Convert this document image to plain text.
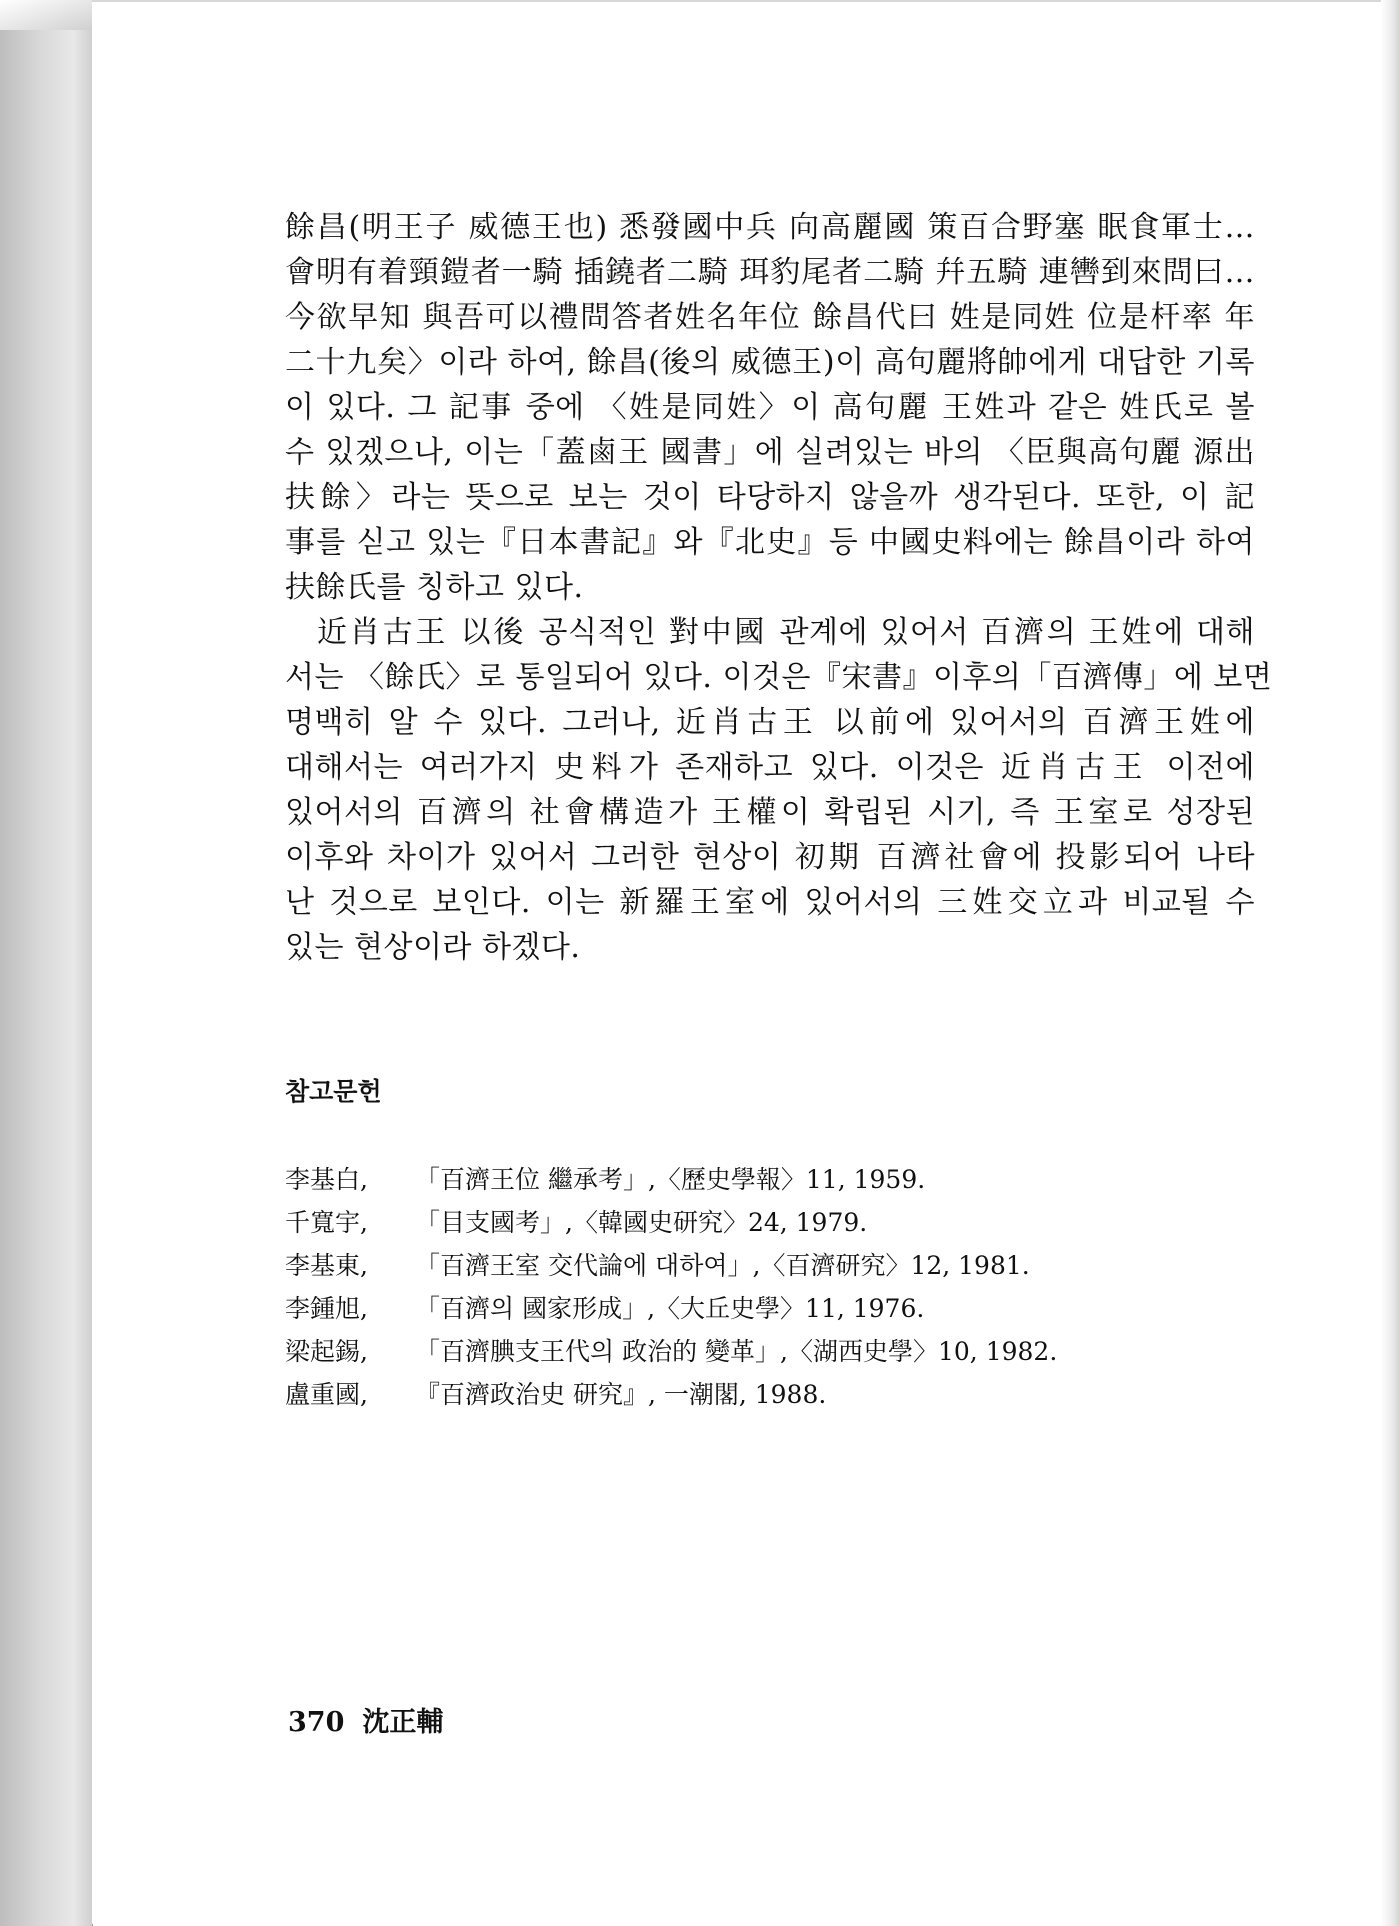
餘昌(明王子 威德王也) 悉發國中兵 向高麗國 策百合野塞 眠食軍士…
會明有着頸鎧者一騎 插鐃者二騎 珥豹尾者二騎 幷五騎 連轡到來問曰…
今欲早知 與吾可以禮問答者姓名年位 餘昌代曰 姓是同姓 位是杆率 年
二十九矣〉이라 하여, 餘昌(後의 威德王)이 高句麗將帥에게 대답한 기록
이 있다. 그 記事 중에 〈姓是同姓〉이 高句麗 王姓과 같은 姓氏로 볼
수 있겠으나, 이는「蓋鹵王 國書」에 실려있는 바의 〈臣與高句麗 源出
扶餘〉라는 뜻으로 보는 것이 타당하지 않을까 생각된다. 또한, 이 記
事를 싣고 있는『日本書記』와『北史』등 中國史料에는 餘昌이라 하여
扶餘氏를 칭하고 있다.
近肖古王 以後 공식적인 對中國 관계에 있어서 百濟의 王姓에 대해
서는 〈餘氏〉로 통일되어 있다. 이것은『宋書』이후의「百濟傳」에 보면
명백히 알 수 있다. 그러나, 近肖古王 以前에 있어서의 百濟王姓에
대해서는 여러가지 史料가 존재하고 있다. 이것은 近肖古王 이전에
있어서의 百濟의 社會構造가 王權이 확립된 시기, 즉 王室로 성장된
이후와 차이가 있어서 그러한 현상이 初期 百濟社會에 投影되어 나타
난 것으로 보인다. 이는 新羅王室에 있어서의 三姓交立과 비교될 수
있는 현상이라 하겠다.
참고문헌
李基白, 「百濟王位 繼承考」,〈歷史學報〉11, 1959.
千寬宇, 「目支國考」,〈韓國史研究〉24, 1979.
李基東, 「百濟王室 交代論에 대하여」,〈百濟研究〉12, 1981.
李鍾旭, 「百濟의 國家形成」,〈大丘史學〉11, 1976.
梁起錫, 「百濟腆支王代의 政治的 變革」,〈湖西史學〉10, 1982.
盧重國, 『百濟政治史 研究』, 一潮閣, 1988.
370 沈正輔
